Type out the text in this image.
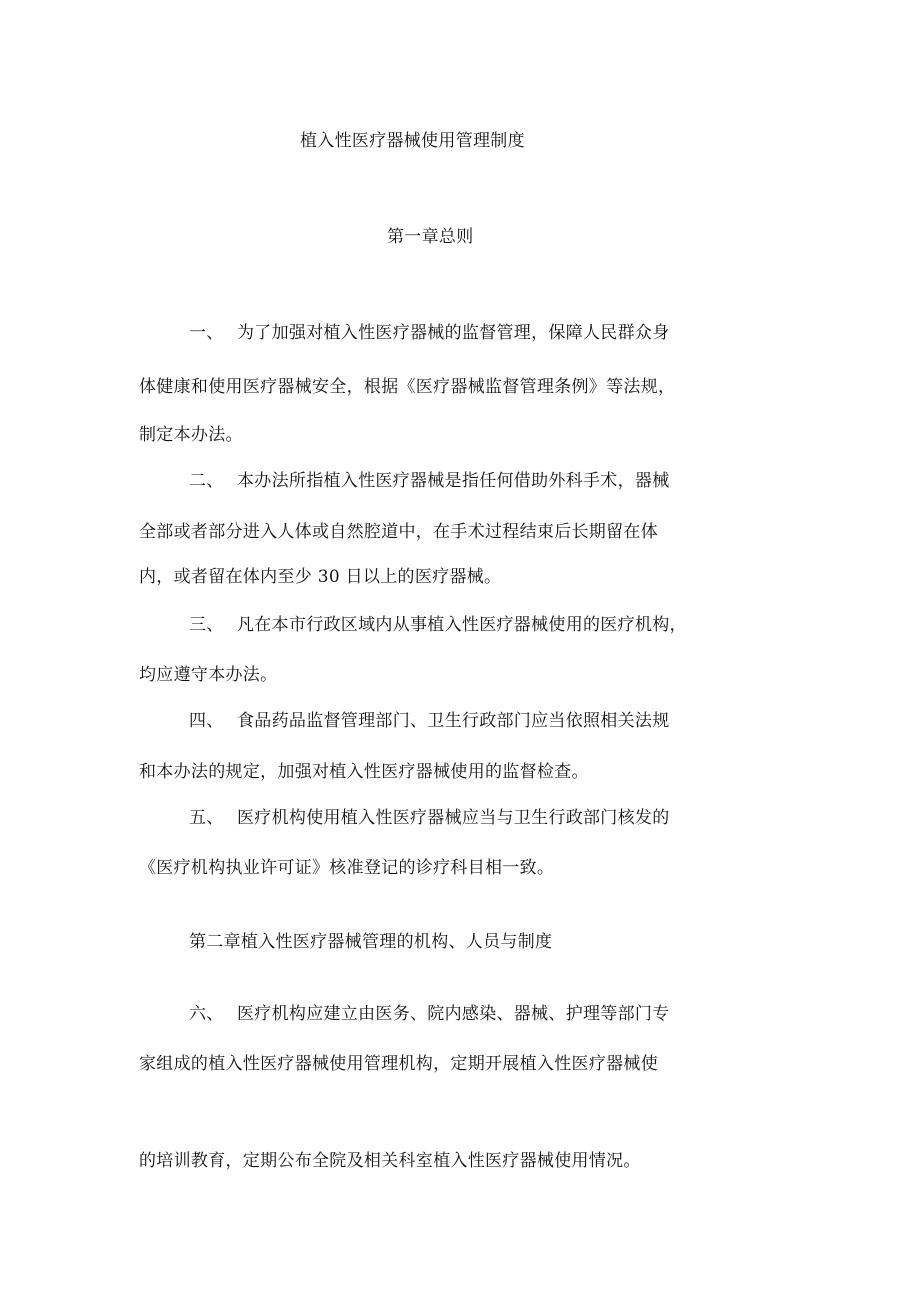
植入性医疗器械使用管理制度
第一章总则
一、 为了加强对植入性医疗器械的监督管理，保障人民群众身
体健康和使用医疗器械安全，根据《医疗器械监督管理条例》等法规，
制定本办法。
二、 本办法所指植入性医疗器械是指任何借助外科手术，器械
全部或者部分进入人体或自然腔道中，在手术过程结束后长期留在体
内，或者留在体内至少 30 日以上的医疗器械。
三、 凡在本市行政区域内从事植入性医疗器械使用的医疗机构，
均应遵守本办法。
四、 食品药品监督管理部门、卫生行政部门应当依照相关法规
和本办法的规定，加强对植入性医疗器械使用的监督检查。
五、 医疗机构使用植入性医疗器械应当与卫生行政部门核发的
《医疗机构执业许可证》核准登记的诊疗科目相一致。
第二章植入性医疗器械管理的机构、人员与制度
六、 医疗机构应建立由医务、院内感染、器械、护理等部门专
家组成的植入性医疗器械使用管理机构，定期开展植入性医疗器械使
的培训教育，定期公布全院及相关科室植入性医疗器械使用情况。
